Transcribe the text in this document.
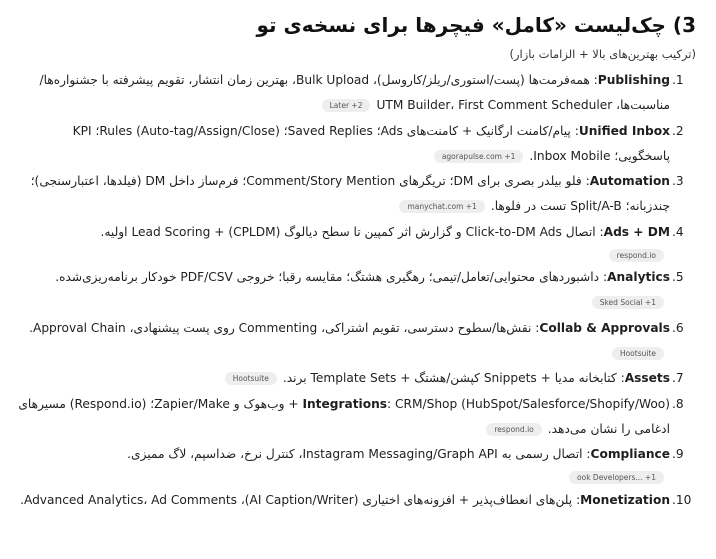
3) چک‌لیست «کامل» فیچرها برای نسخه‌ی تو
(ترکیب بهترین‌های بالا + الزامات بازار)
.1
Publishing: همه‌فرمت‌ها (پست/استوری/ریلز/کاروسل)، Bulk Upload، بهترین زمان انتشار، تقویم پیشرفته با جشنواره‌ها/مناسبت‌ها، UTM Builder، First Comment SchedulerLater +2
.2
Unified Inbox: پیام/کامنت ارگانیک + کامنت‌های Ads؛ Saved Replies؛ Rules (Auto-tag/Assign/Close)؛ KPI پاسخگویی؛ Inbox Mobile.agorapulse.com +1
.3
Automation: فلو بیلدر بصری برای DM؛ تریگرهای Comment/Story Mention؛ فرم‌ساز داخل DM (فیلدها، اعتبارسنجی)؛ چندزبانه؛ Split/A-B تست در فلوها.manychat.com +1
.4
Ads + DM: اتصال Click-to-DM Ads و گزارش اثر کمپین تا سطح دیالوگ (CPLDM) + Lead Scoring اولیه.
respond.io
.5
Analytics: داشبوردهای محتوایی/تعامل/تیمی؛ رهگیری هشتگ؛ مقایسه رقبا؛ خروجی PDF/CSV خودکار برنامه‌ریزی‌شده.Sked Social +1
.6
Collab & Approvals: نقش‌ها/سطوح دسترسی، تقویم اشتراکی، Commenting روی پست پیشنهادی، Approval Chain.Hootsuite
.7
Assets: کتابخانه مدیا + Snippets کپشن/هشتگ + Template Sets برند.Hootsuite
.8
Integrations: CRM/Shop (HubSpot/Salesforce/Shopify/Woo) + وب‌هوک و Zapier/Make؛ (Respond.io) مسیرهای ادغامی را نشان می‌دهد.respond.io
.9
Compliance: اتصال رسمی به Instagram Messaging/Graph API، کنترل نرخ، ضداسپم، لاگ ممیزی.
ook Developers... +1
.10
Monetization: پلن‌های انعطاف‌پذیر + افزونه‌های اختیاری (AI Caption/Writer)، Advanced Analytics، Ad Comments.
